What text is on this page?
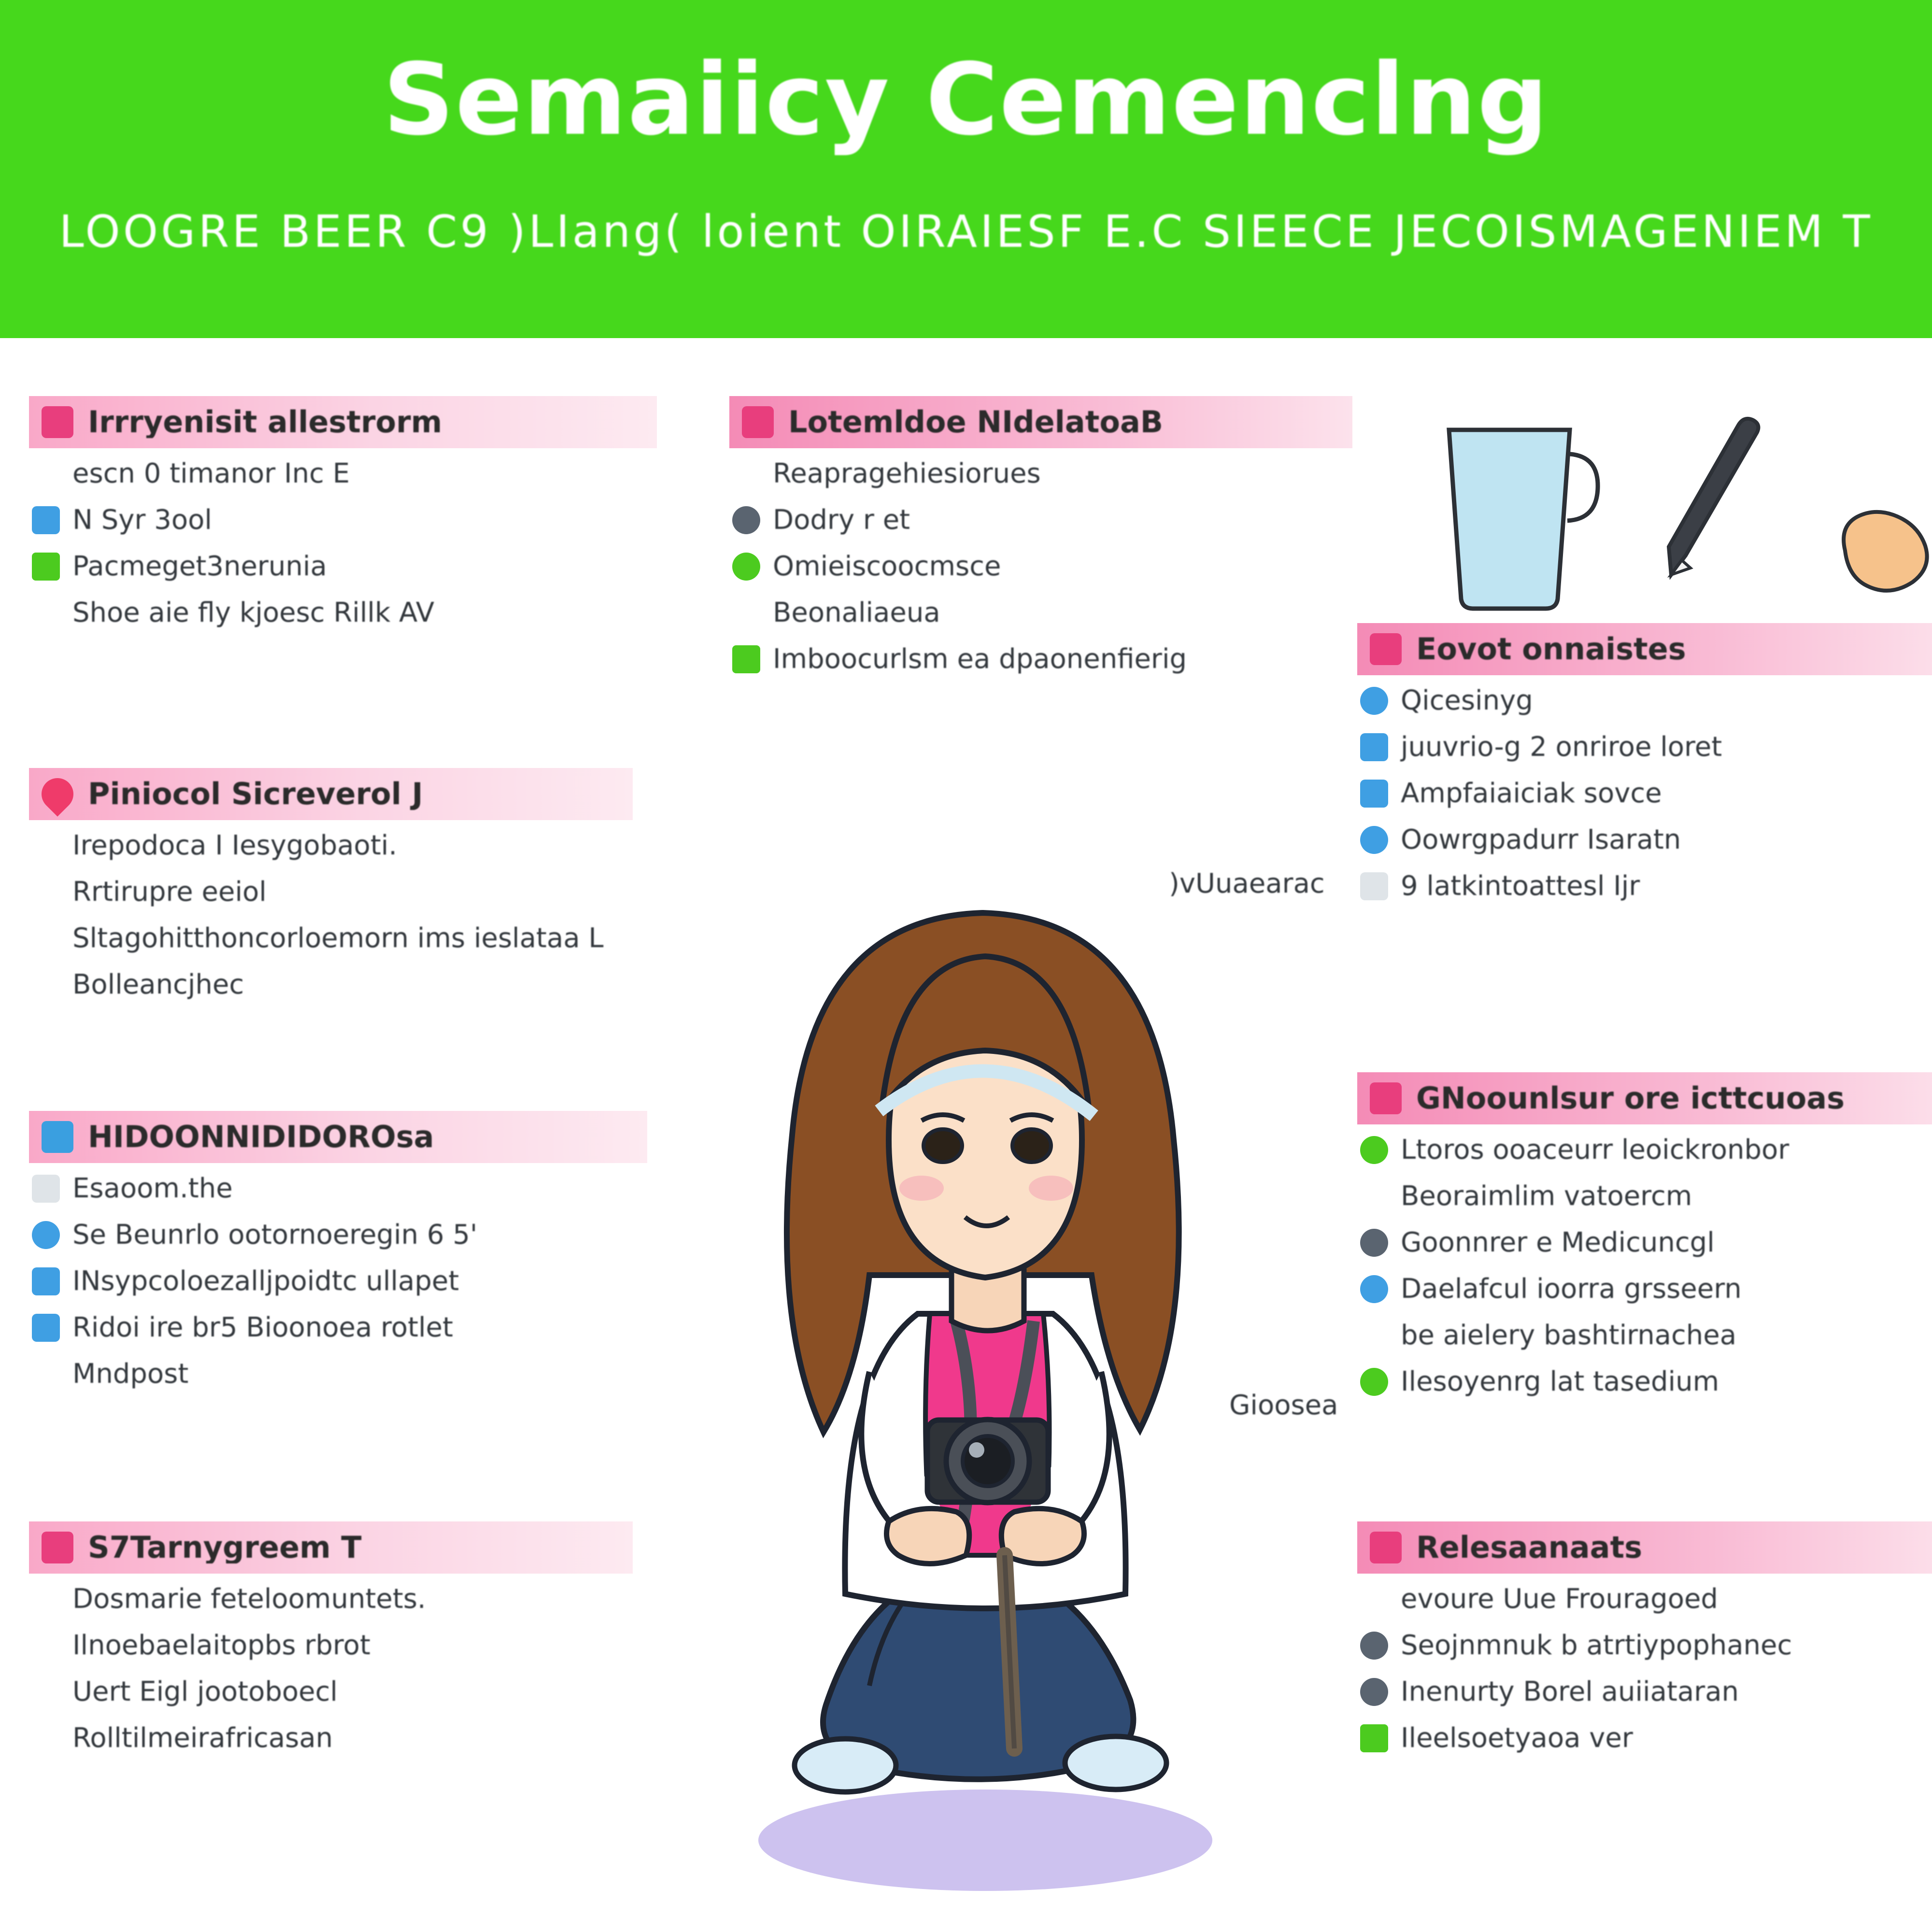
Semaiicy Cemenclng
LOOGRE BEER C9 )LIang( loient OIRAIESF E.C SIEECE JECOISMAGENIEM T
Irrryenisit allestrorm
escn 0 timanor Inc E
N Syr 3ool
Pacmeget3nerunia
Shoe aie fly kjoesc Rillk AV
Piniocol Sicreverol J
Irepodoca I Iesygobaoti.
Rrtirupre eeiol
Sltagohitthoncorloemorn ims ieslataa L
Bolleancjhec
HIDOONNIDIDOROsa
Esaoom.the
Se Beunrlo ootornoeregin 6 5'
INsypcoloezalljpoidtc ullapet
Ridoi ire br5 Bioonoea rotlet
Mndpost
S7Tarnygreem T
Dosmarie feteloomuntets.
Ilnoebaelaitopbs rbrot
Uert Eigl jootoboecl
Rolltilmeirafricasan
Lotemldoe NIdelatoaB
Reapragehiesiorues
Dodry r et
Omieiscoocmsce
Beonaliaeua
Imboocurlsm ea dpaonenfierig	Eovot onnaistes
Qicesinyg
juuvrio-g 2 onriroe loret
Ampfaiaiciak sovce
Oowrgpadurr Isaratn
9 latkintoattesl Ijr
GNoounlsur ore icttcuoas
Ltoros ooaceurr leoickronbor
Beoraimlim vatoercm
Goonnrer e Medicuncgl
Daelafcul ioorra grsseern
be aielery bashtirnachea
Ilesoyenrg lat tasedium
Relesaanaats
evoure Uue Frouragoed
Seojnmnuk b atrtiypophanec
Inenurty Borel auiiataran
Ileelsoetyaoa ver
)vUuaearac
Gioosea
